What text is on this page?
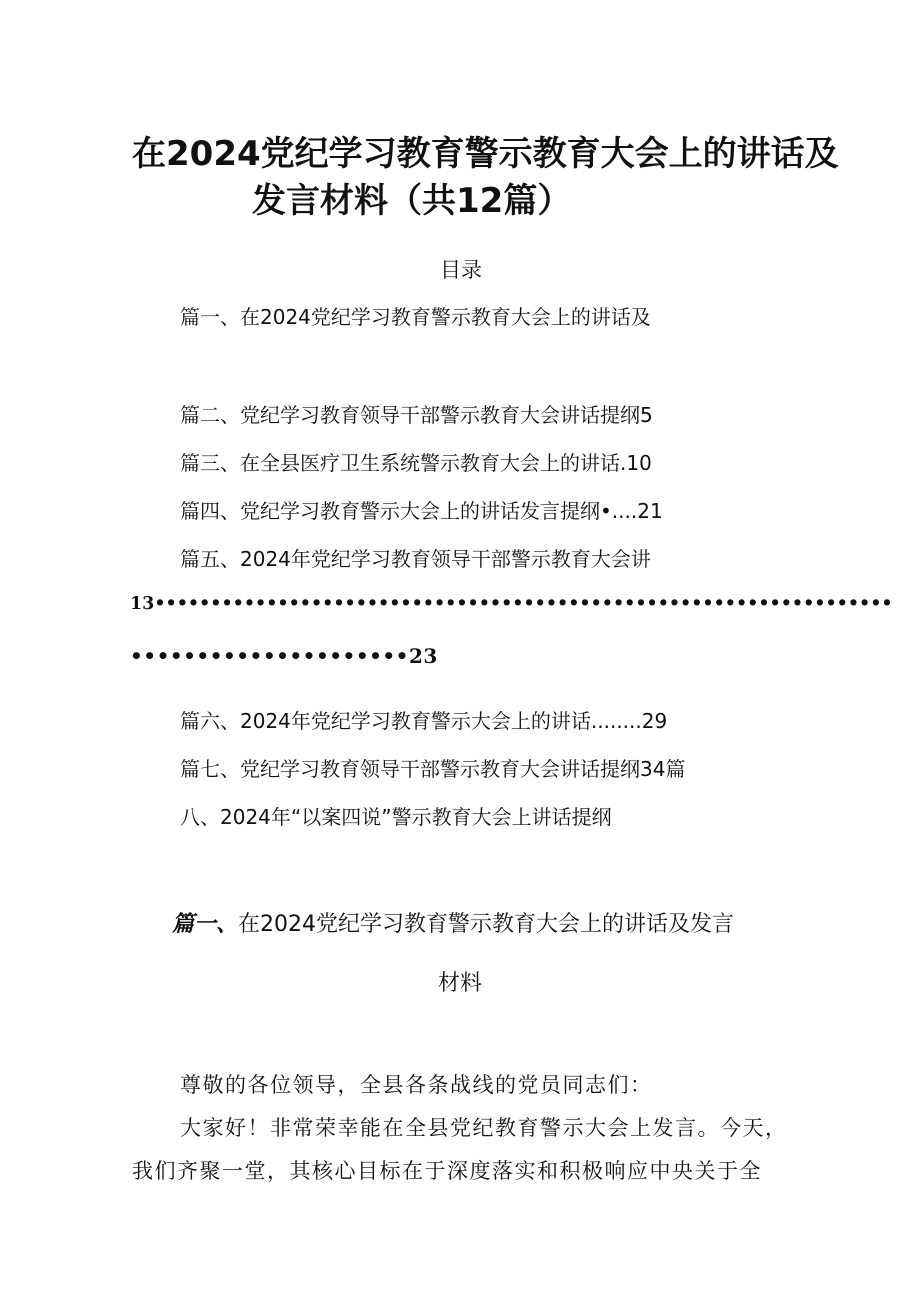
在2024党纪学习教育警示教育大会上的讲话及
发言材料（共12篇）
目录
篇一、在2024党纪学习教育警示教育大会上的讲话及
篇二、党纪学习教育领导干部警示教育大会讲话提纲5
篇三、在全县医疗卫生系统警示教育大会上的讲话.10
篇四、党纪学习教育警示大会上的讲话发言提纲•....21
篇五、2024年党纪学习教育领导干部警示教育大会讲
13••••••••••••••••••••••••••••••••••••••••••••••••••••••••••••••••••
•••••••••••••••••••••23
篇六、2024年党纪学习教育警示大会上的讲话........29
篇七、党纪学习教育领导干部警示教育大会讲话提纲34篇
八、2024年“以案四说”警示教育大会上讲话提纲
篇一、在2024党纪学习教育警示教育大会上的讲话及发言
材料
尊敬的各位领导，全县各条战线的党员同志们：
大家好！非常荣幸能在全县党纪教育警示大会上发言。今天，
我们齐聚一堂，其核心目标在于深度落实和积极响应中央关于全
